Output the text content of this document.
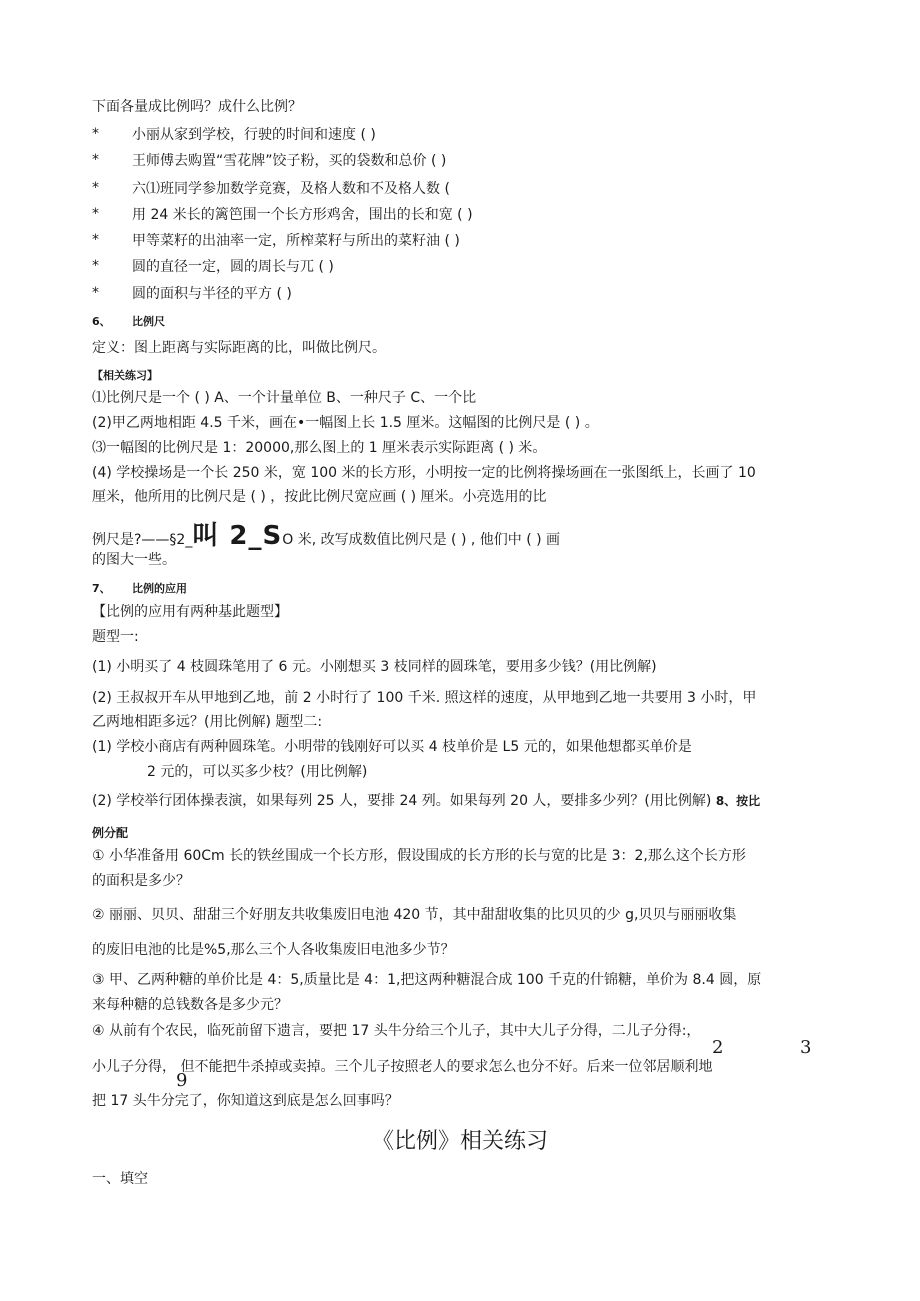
下面各量成比例吗？成什么比例？
* 小丽从家到学校，行驶的时间和速度 ( )
* 王师傅去购置“雪花牌”饺子粉，买的袋数和总价 ( )
* 六⑴班同学参加数学竞赛，及格人数和不及格人数 (
* 用 24 米长的篱笆围一个长方形鸡舍，围出的长和宽 ( )
* 甲等菜籽的出油率一定，所榨菜籽与所出的菜籽油 ( )
* 圆的直径一定，圆的周长与兀 ( )
* 圆的面积与半径的平方 ( )
6、 比例尺
定义：图上距离与实际距离的比，叫做比例尺。
【相关练习】
⑴比例尺是一个 ( ) A、一个计量单位 B、一种尺子 C、一个比
(2)甲乙两地相距 4.5 千米，画在•一幅图上长 1.5 厘米。这幅图的比例尺是 ( ) 。
⑶一幅图的比例尺是 1：20000,那么图上的 1 厘米表示实际距离 ( ) 米。
(4) 学校操场是一个长 250 米，宽 100 米的长方形，小明按一定的比例将操场画在一张图纸上，长画了 10
厘米，他所用的比例尺是 ( ) ，按此比例尺宽应画 ( ) 厘米。小亮选用的比
例尺是?——§2_叫 2_SO 米, 改写成数值比例尺是 ( ) , 他们中 ( ) 画
的图大一些。
7、 比例的应用
【比例的应用有两种基此题型】
题型一:
(1) 小明买了 4 枝圆珠笔用了 6 元。小刚想买 3 枝同样的圆珠笔，要用多少钱？(用比例解)
(2) 王叔叔开车从甲地到乙地，前 2 小时行了 100 千米. 照这样的速度，从甲地到乙地一共要用 3 小时，甲
乙两地相距多远？(用比例解) 题型二:
(1) 学校小商店有两种圆珠笔。小明带的钱刚好可以买 4 枝单价是 L5 元的，如果他想都买单价是
2 元的，可以买多少枝？(用比例解)
(2) 学校举行团体操表演，如果每列 25 人，要排 24 列。如果每列 20 人，要排多少列？(用比例解) 8、按比
例分配
① 小华准备用 60Cm 长的铁丝围成一个长方形，假设围成的长方形的长与宽的比是 3：2,那么这个长方形
的面积是多少？
② 丽丽、贝贝、甜甜三个好朋友共收集废旧电池 420 节，其中甜甜收集的比贝贝的少 g,贝贝与丽丽收集
的废旧电池的比是%5,那么三个人各收集废旧电池多少节？
③ 甲、乙两种糖的单价比是 4：5,质量比是 4：1,把这两种糖混合成 100 千克的什锦糖，单价为 8.4 圆，原
来每种糖的总钱数各是多少元？
④ 从前有个农民，临死前留下遗言，要把 17 头牛分给三个儿子，其中大儿子分得，二儿子分得:，
2	3
小儿子分得， 但不能把牛杀掉或卖掉。三个儿子按照老人的要求怎么也分不好。后来一位邻居顺利地
9
把 17 头牛分完了，你知道这到底是怎么回事吗？
《比例》相关练习
一、填空
